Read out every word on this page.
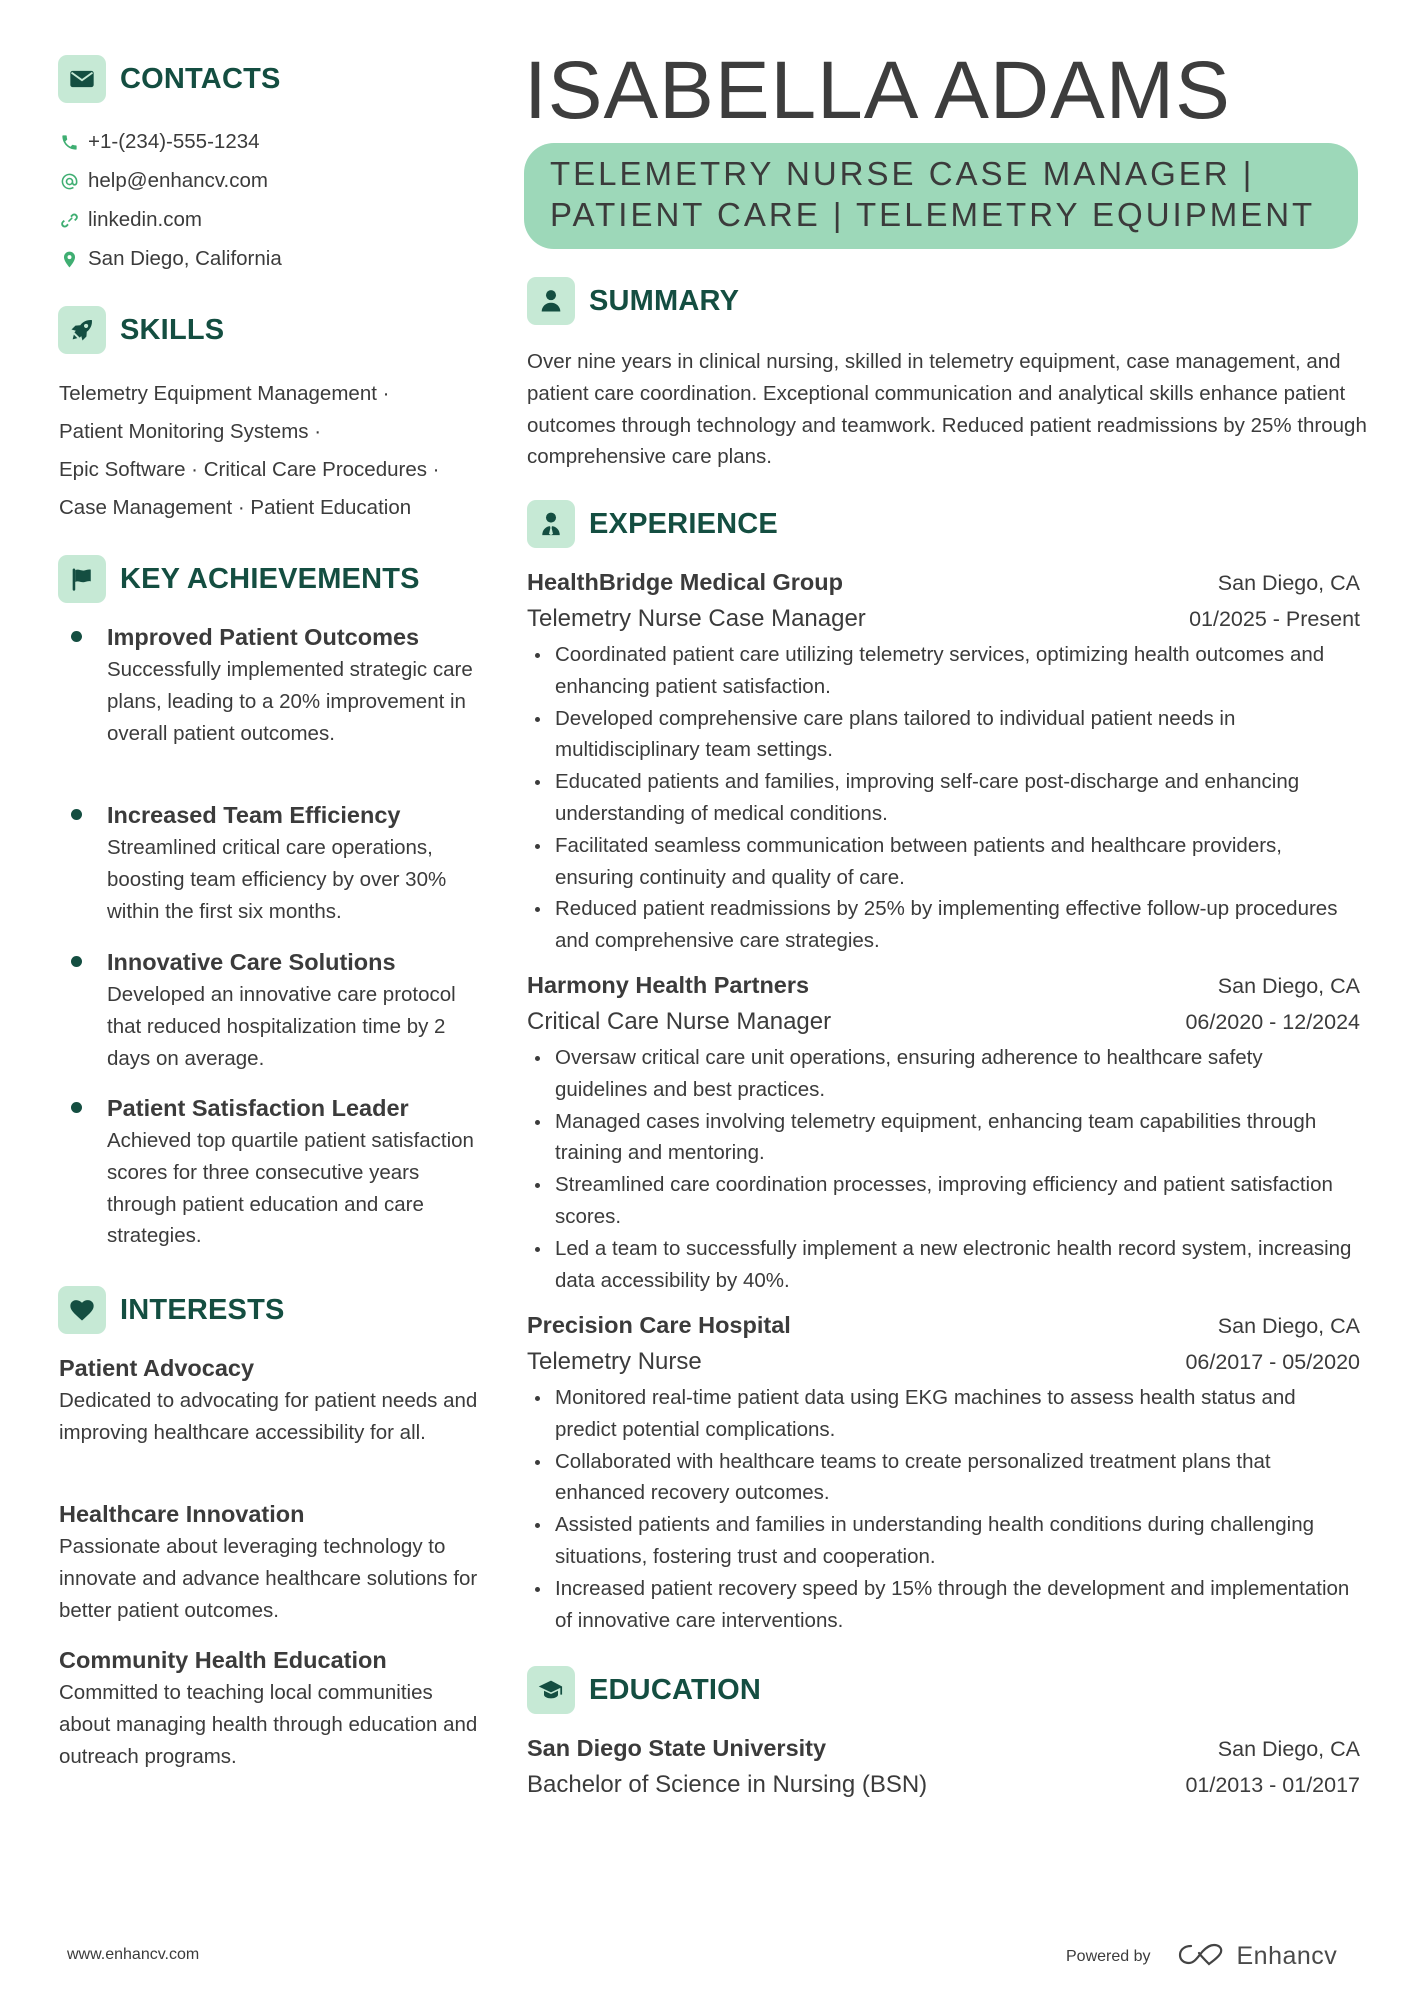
CONTACTS
+1-(234)-555-1234
help@enhancv.com
linkedin.com
San Diego, California
SKILLS
Telemetry Equipment Management ·
Patient Monitoring Systems ·
Epic Software · Critical Care Procedures ·
Case Management · Patient Education
KEY ACHIEVEMENTS
Improved Patient Outcomes
Successfully implemented strategic care plans, leading to a 20% improvement in overall patient outcomes.
Increased Team Efficiency
Streamlined critical care operations, boosting team efficiency by over 30% within the first six months.
Innovative Care Solutions
Developed an innovative care protocol that reduced hospitalization time by 2 days on average.
Patient Satisfaction Leader
Achieved top quartile patient satisfaction scores for three consecutive years through patient education and care strategies.
INTERESTS
Patient Advocacy
Dedicated to advocating for patient needs and improving healthcare accessibility for all.
Healthcare Innovation
Passionate about leveraging technology to innovate and advance healthcare solutions for better patient outcomes.
Community Health Education
Committed to teaching local communities about managing health through education and outreach programs.
ISABELLA ADAMS
TELEMETRY NURSE CASE MANAGER |
PATIENT CARE | TELEMETRY EQUIPMENT
SUMMARY
Over nine years in clinical nursing, skilled in telemetry equipment, case management, and patient care coordination. Exceptional communication and analytical skills enhance patient outcomes through technology and teamwork. Reduced patient readmissions by 25% through comprehensive care plans.
EXPERIENCE
HealthBridge Medical Group	San Diego, CA
Telemetry Nurse Case Manager	01/2025 - Present
Coordinated patient care utilizing telemetry services, optimizing health outcomes and enhancing patient satisfaction.
Developed comprehensive care plans tailored to individual patient needs in multidisciplinary team settings.
Educated patients and families, improving self-care post-discharge and enhancing understanding of medical conditions.
Facilitated seamless communication between patients and healthcare providers, ensuring continuity and quality of care.
Reduced patient readmissions by 25% by implementing effective follow-up procedures and comprehensive care strategies.
Harmony Health Partners	San Diego, CA
Critical Care Nurse Manager	06/2020 - 12/2024
Oversaw critical care unit operations, ensuring adherence to healthcare safety guidelines and best practices.
Managed cases involving telemetry equipment, enhancing team capabilities through training and mentoring.
Streamlined care coordination processes, improving efficiency and patient satisfaction scores.
Led a team to successfully implement a new electronic health record system, increasing data accessibility by 40%.
Precision Care Hospital	San Diego, CA
Telemetry Nurse	06/2017 - 05/2020
Monitored real-time patient data using EKG machines to assess health status and predict potential complications.
Collaborated with healthcare teams to create personalized treatment plans that enhanced recovery outcomes.
Assisted patients and families in understanding health conditions during challenging situations, fostering trust and cooperation.
Increased patient recovery speed by 15% through the development and implementation of innovative care interventions.
EDUCATION
San Diego State University	San Diego, CA
Bachelor of Science in Nursing (BSN)	01/2013 - 01/2017
www.enhancv.com	Powered by	Enhancv
